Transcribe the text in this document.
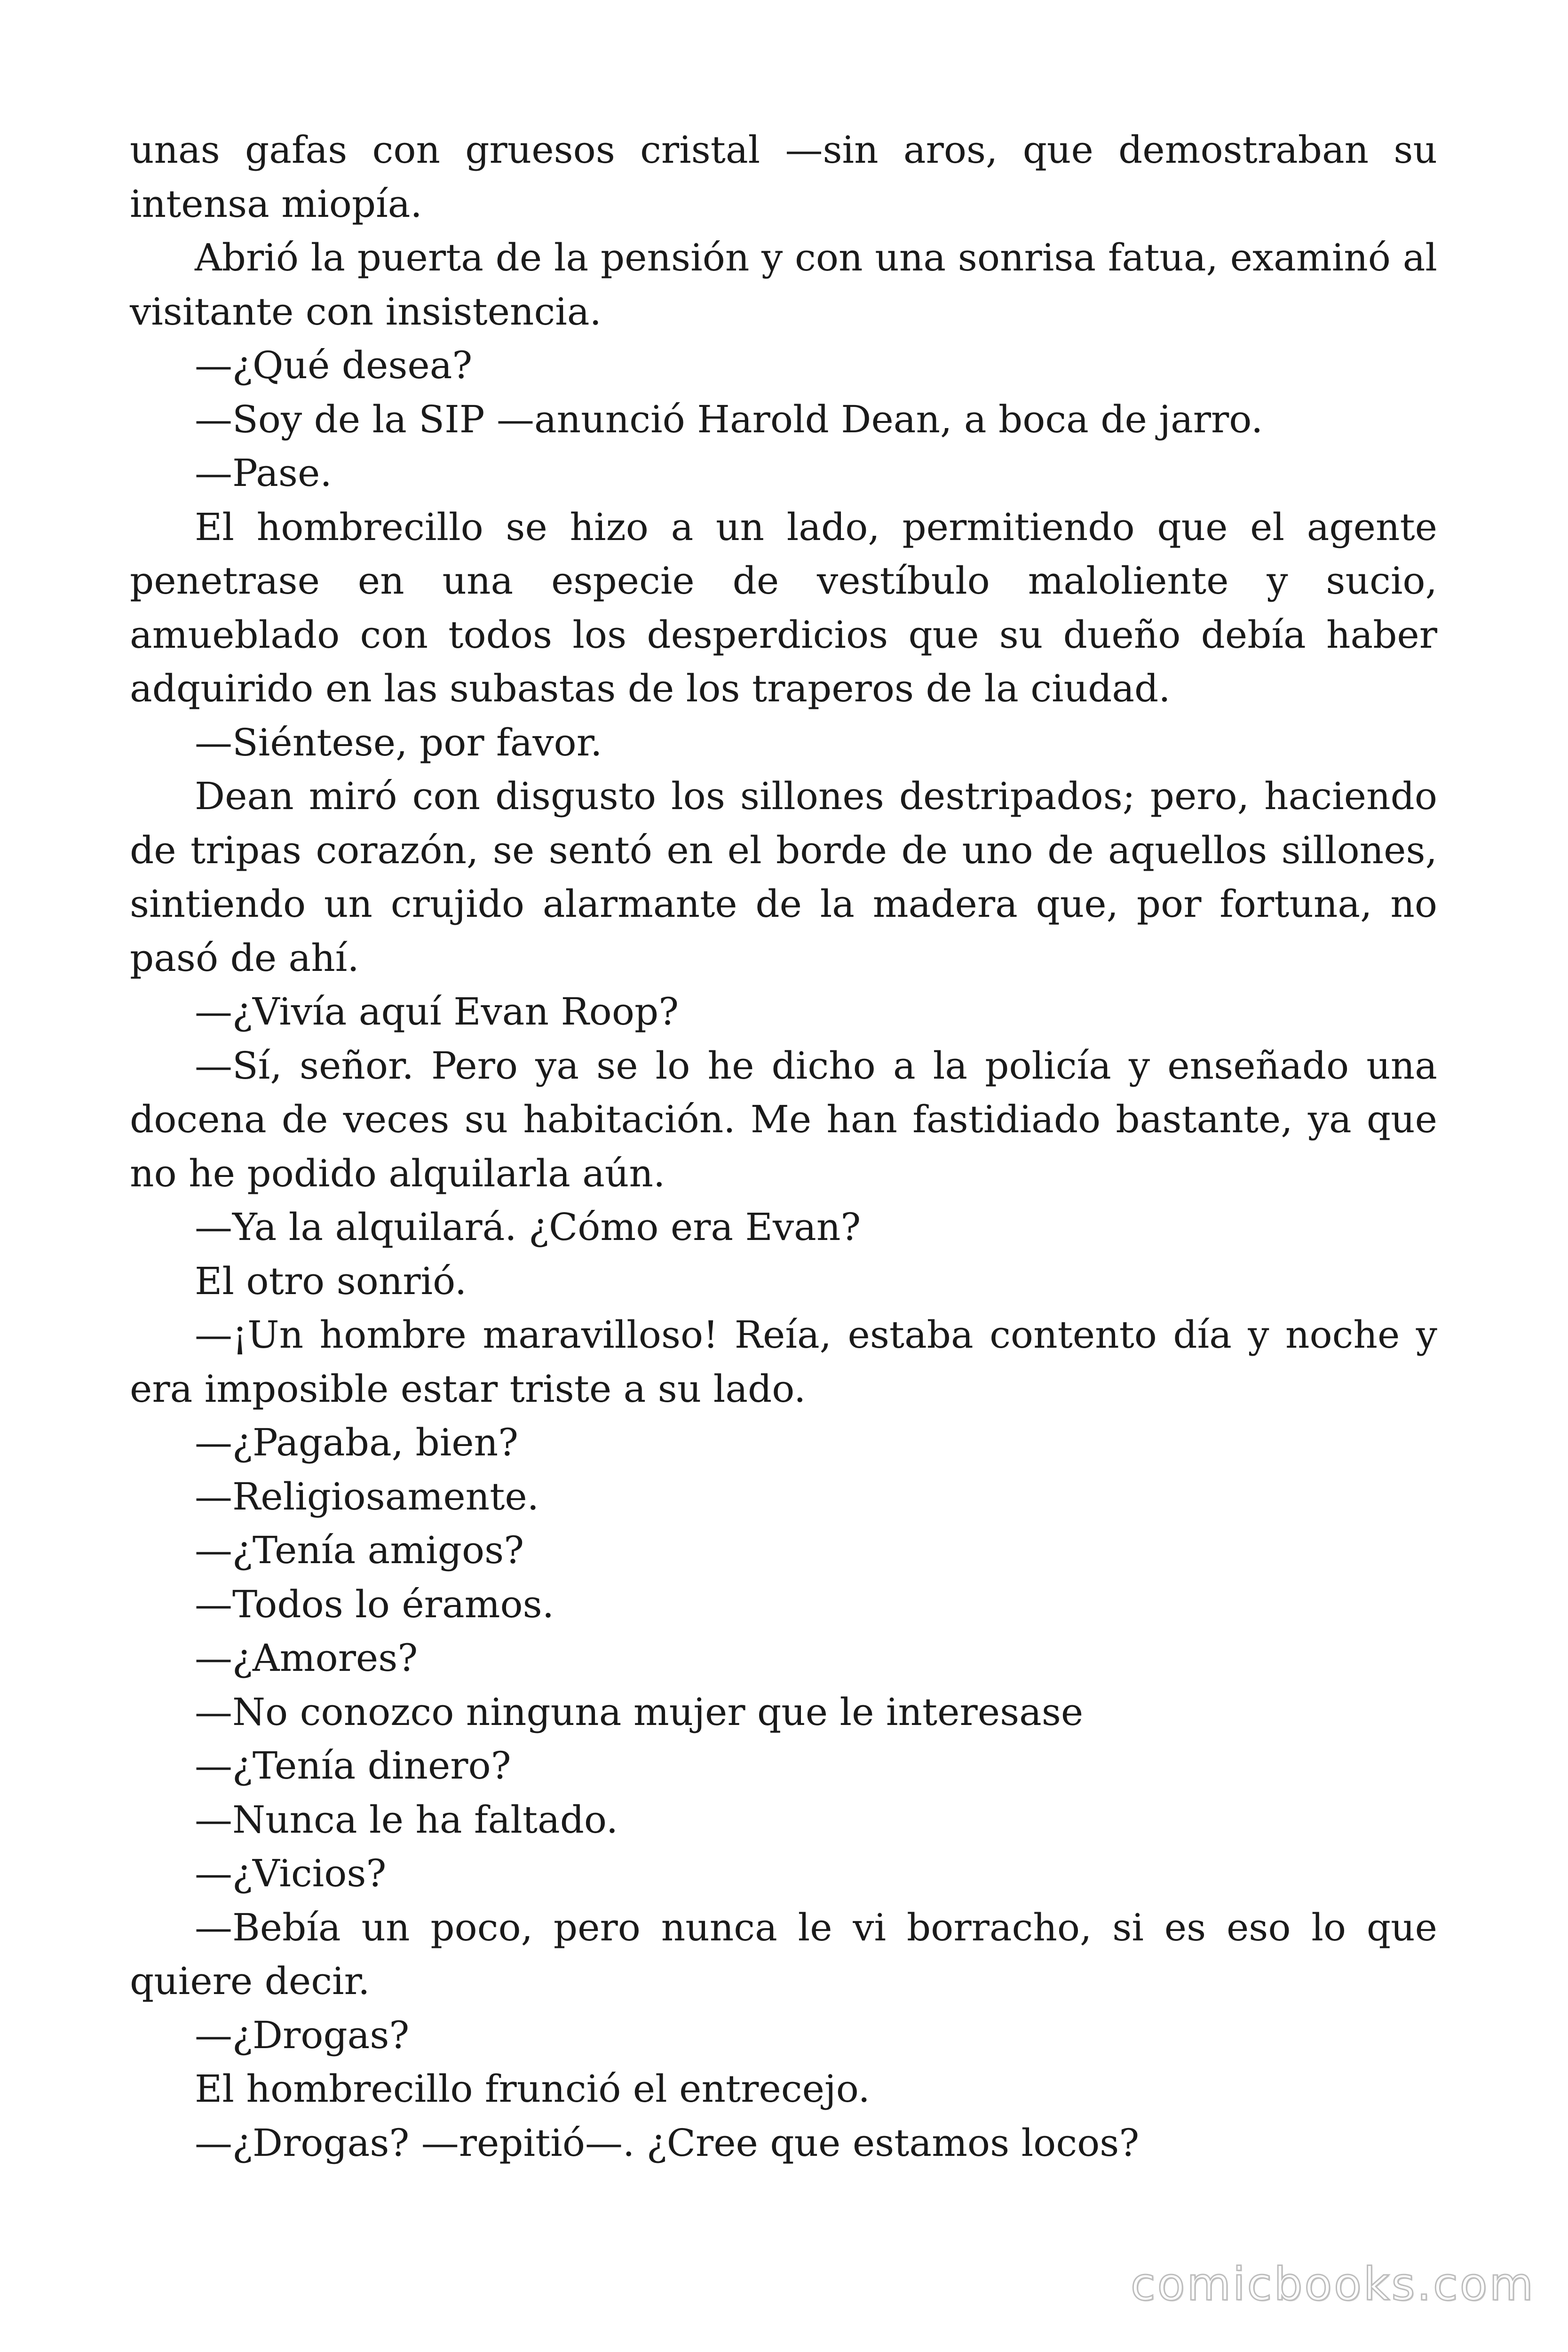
unas gafas con gruesos cristal —sin aros, que demostraban su intensa miopía.

Abrió la puerta de la pensión y con una sonrisa fatua, examinó al visitante con insistencia.

—¿Qué desea?

—Soy de la SIP —anunció Harold Dean, a boca de jarro.

—Pase.

El hombrecillo se hizo a un lado, permitiendo que el agente penetrase en una especie de vestíbulo maloliente y sucio, amueblado con todos los desperdicios que su dueño debía haber adquirido en las subastas de los traperos de la ciudad.

—Siéntese, por favor.

Dean miró con disgusto los sillones destripados; pero, haciendo de tripas corazón, se sentó en el borde de uno de aquellos sillones, sintiendo un crujido alarmante de la madera que, por fortuna, no pasó de ahí.

—¿Vivía aquí Evan Roop?

—Sí, señor. Pero ya se lo he dicho a la policía y enseñado una docena de veces su habitación. Me han fastidiado bastante, ya que no he podido alquilarla aún.

—Ya la alquilará. ¿Cómo era Evan?

El otro sonrió.

—¡Un hombre maravilloso! Reía, estaba contento día y noche y era imposible estar triste a su lado.

—¿Pagaba, bien?

—Religiosamente.

—¿Tenía amigos?

—Todos lo éramos.

—¿Amores?

—No conozco ninguna mujer que le interesase

—¿Tenía dinero?

—Nunca le ha faltado.

—¿Vicios?

—Bebía un poco, pero nunca le vi borracho, si es eso lo que quiere decir.

—¿Drogas?

El hombrecillo frunció el entrecejo.

—¿Drogas? —repitió—. ¿Cree que estamos locos?

comicbooks.com
